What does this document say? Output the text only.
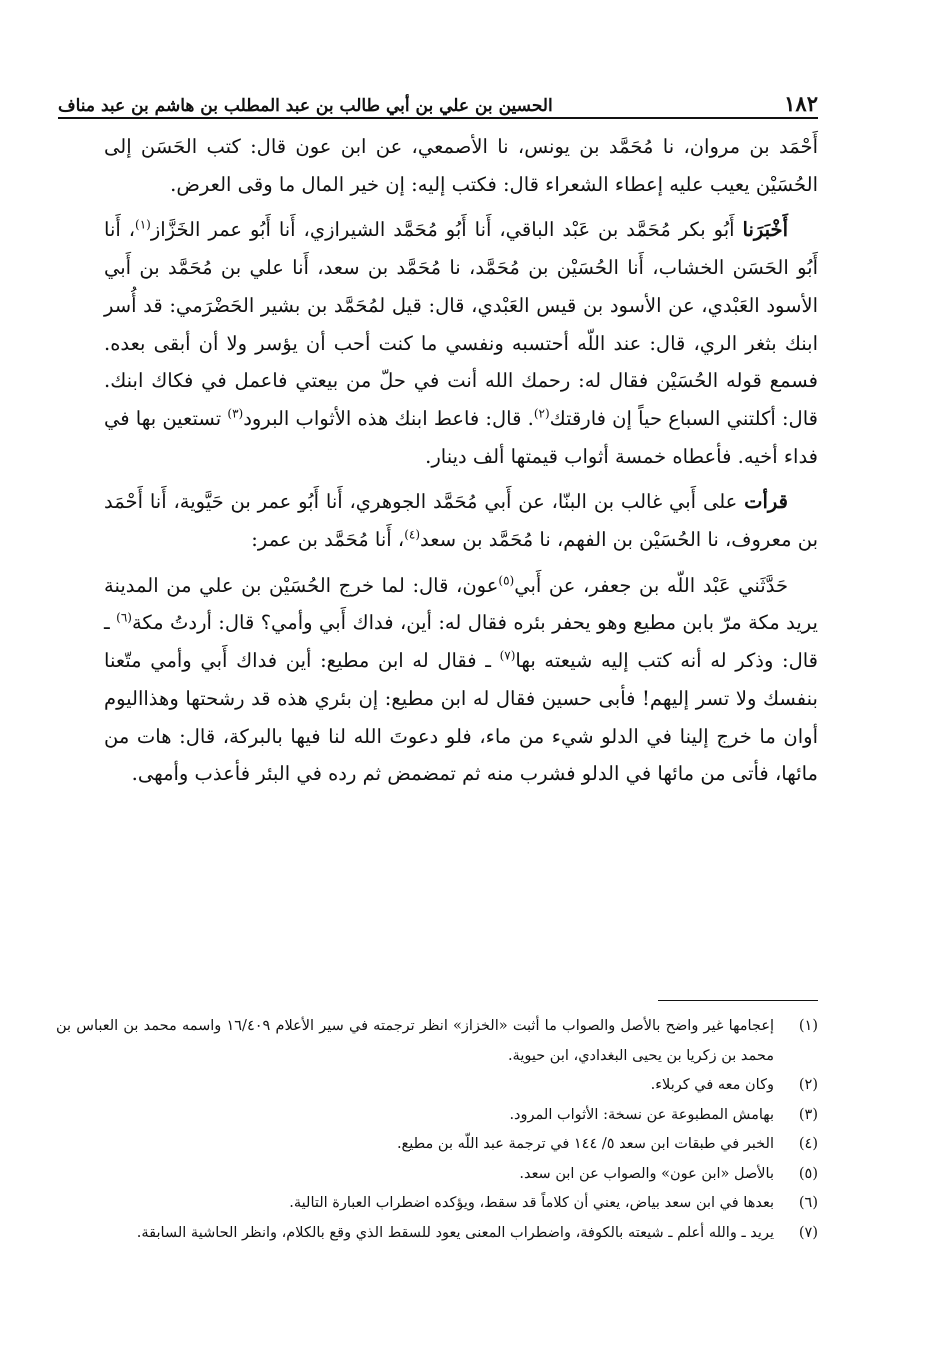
١٨٢
الحسين بن علي بن أبي طالب بن عبد المطلب بن هاشم بن عبد مناف

أَحْمَد بن مروان، نا مُحَمَّد بن يونس، نا الأصمعي، عن ابن عون قال: كتب الحَسَن إلى الحُسَيْن يعيب عليه إعطاء الشعراء قال: فكتب إليه: إن خير المال ما وقى العرض.

أَخْبَرَنا أَبُو بكر مُحَمَّد بن عَبْد الباقي، أَنا أَبُو مُحَمَّد الشيرازي، أَنا أَبُو عمر الخَزَّاز$^{(١)}$، أَنا أَبُو الحَسَن الخشاب، أَنا الحُسَيْن بن مُحَمَّد، نا مُحَمَّد بن سعد، أَنا علي بن مُحَمَّد بن أَبي الأسود العَبْدي، عن الأسود بن قيس العَبْدي، قال: قيل لمُحَمَّد بن بشير الحَضْرَمي: قد أُسر ابنك بثغر الري، قال: عند اللّه أحتسبه ونفسي ما كنت أحب أن يؤسر ولا أن أبقى بعده. فسمع قوله الحُسَيْن فقال له: رحمك الله أنت في حلّ من بيعتي فاعمل في فكاك ابنك. قال: أكلتني السباع حياً إن فارقتك$^{(٢)}$. قال: فاعط ابنك هذه الأثواب البرود$^{(٣)}$ تستعين بها في فداء أخيه. فأعطاه خمسة أثواب قيمتها ألف دينار.

قرأت على أَبي غالب بن البنّا، عن أَبي مُحَمَّد الجوهري، أَنا أَبُو عمر بن حَيَّوية، أَنا أَحْمَد بن معروف، نا الحُسَيْن بن الفهم، نا مُحَمَّد بن سعد$^{(٤)}$، أَنا مُحَمَّد بن عمر:

حَدَّثَني عَبْد اللّه بن جعفر، عن أَبي$^{(٥)}$عون، قال: لما خرج الحُسَيْن بن علي من المدينة يريد مكة مرّ بابن مطيع وهو يحفر بئره فقال له: أين، فداك أَبي وأمي؟ قال: أردتُ مكة$^{(٦)}$ ـ قال: وذكر له أنه كتب إليه شيعته بها$^{(٧)}$ ـ فقال له ابن مطيع: أين فداك أَبي وأمي متّعنا بنفسك ولا تسر إليهم! فأبى حسين فقال له ابن مطيع: إن بئري هذه قد رشحتها وهذااليوم أوان ما خرج إلينا في الدلو شيء من ماء، فلو دعوتَ الله لنا فيها بالبركة، قال: هات من مائها، فأتى من مائها في الدلو فشرب منه ثم تمضمض ثم رده في البئر فأعذب وأمهى.

(١)
إعجامها غير واضح بالأصل والصواب ما أثبت «الخزاز» انظر ترجمته في سير الأعلام ١٦/٤٠٩ واسمه محمد بن العباس بن محمد بن زكريا بن يحيى البغدادي، ابن حيوية.
(٢)
وكان معه في كربلاء.
(٣)
بهامش المطبوعة عن نسخة: الأثواب المرود.
(٤)
الخبر في طبقات ابن سعد ٥/ ١٤٤ في ترجمة عبد اللّه بن مطيع.
(٥)
بالأصل «ابن عون» والصواب عن ابن سعد.
(٦)
بعدها في ابن سعد بياض، يعني أن كلاماً قد سقط، ويؤكده اضطراب العبارة التالية.
(٧)
يريد ـ والله أعلم ـ شيعته بالكوفة، واضطراب المعنى يعود للسقط الذي وقع بالكلام، وانظر الحاشية السابقة.
